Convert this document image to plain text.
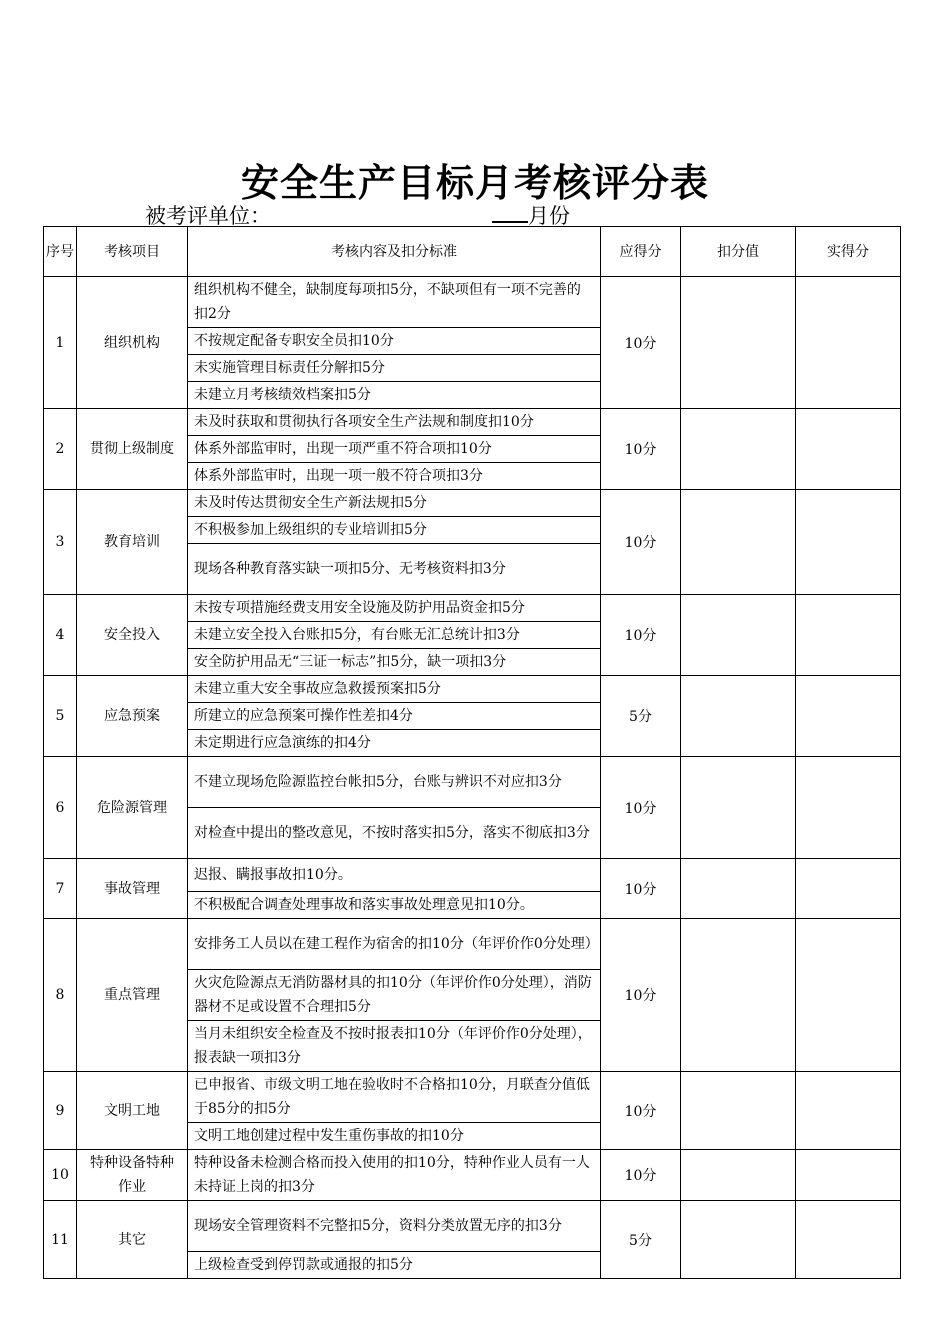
安全生产目标月考核评分表
被考评单位：	月份
序号	考核项目	考核内容及扣分标准	应得分	扣分值	实得分
1	组织机构	组织机构不健全，缺制度每项扣5分，不缺项但有一项不完善的扣2分	10分		
		不按规定配备专职安全员扣10分			
		未实施管理目标责任分解扣5分			
		未建立月考核绩效档案扣5分			
2	贯彻上级制度	未及时获取和贯彻执行各项安全生产法规和制度扣10分	10分		
		体系外部监审时，出现一项严重不符合项扣10分			
		体系外部监审时，出现一项一般不符合项扣3分			
3	教育培训	未及时传达贯彻安全生产新法规扣5分	10分		
		不积极参加上级组织的专业培训扣5分			
		现场各种教育落实缺一项扣5分、无考核资料扣3分			
4	安全投入	未按专项措施经费支用安全设施及防护用品资金扣5分	10分		
		未建立安全投入台账扣5分，有台账无汇总统计扣3分			
		安全防护用品无“三证一标志”扣5分，缺一项扣3分			
5	应急预案	未建立重大安全事故应急救援预案扣5分	5分		
		所建立的应急预案可操作性差扣4分			
		未定期进行应急演练的扣4分			
6	危险源管理	不建立现场危险源监控台帐扣5分，台账与辨识不对应扣3分	10分		
		对检查中提出的整改意见，不按时落实扣5分，落实不彻底扣3分			
7	事故管理	迟报、瞒报事故扣10分。	10分		
		不积极配合调查处理事故和落实事故处理意见扣10分。			
8	重点管理	安排务工人员以在建工程作为宿舍的扣10分（年评价作0分处理）	10分		
		火灾危险源点无消防器材具的扣10分（年评价作0分处理），消防器材不足或设置不合理扣5分			
		当月未组织安全检查及不按时报表扣10分（年评价作0分处理），报表缺一项扣3分			
9	文明工地	已申报省、市级文明工地在验收时不合格扣10分，月联查分值低于85分的扣5分	10分		
		文明工地创建过程中发生重伤事故的扣10分			
10	特种设备特种作业	特种设备未检测合格而投入使用的扣10分，特种作业人员有一人未持证上岗的扣3分	10分		
11	其它	现场安全管理资料不完整扣5分，资料分类放置无序的扣3分	5分		
		上级检查受到停罚款或通报的扣5分			
